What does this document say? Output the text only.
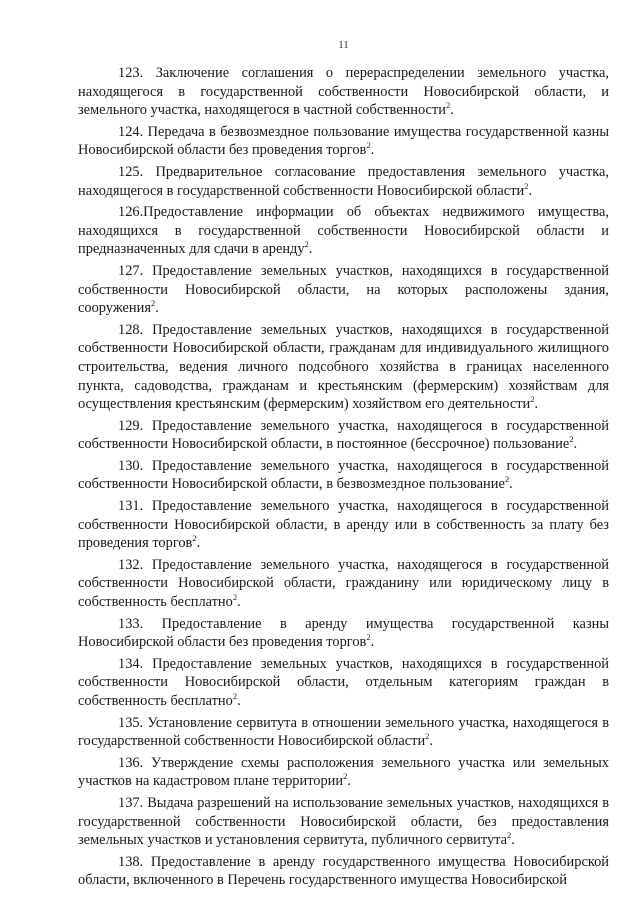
11

123. Заключение соглашения о перераспределении земельного участка, находящегося в государственной собственности Новосибирской области, и земельного участка, находящегося в частной собственности$^2$.

124. Передача в безвозмездное пользование имущества государственной казны Новосибирской области без проведения торгов$^2$.

125. Предварительное согласование предоставления земельного участка, находящегося в государственной собственности Новосибирской области$^2$.

126.Предоставление информации об объектах недвижимого имущества, находящихся в государственной собственности Новосибирской области и предназначенных для сдачи в аренду$^2$.

127. Предоставление земельных участков, находящихся в государственной собственности Новосибирской области, на которых расположены здания, сооружения$^2$.

128. Предоставление земельных участков, находящихся в государственной собственности Новосибирской области, гражданам для индивидуального жилищного строительства, ведения личного подсобного хозяйства в границах населенного пункта, садоводства, гражданам и крестьянским (фермерским) хозяйствам для осуществления крестьянским (фермерским) хозяйством его деятельности$^2$.

129. Предоставление земельного участка, находящегося в государственной собственности Новосибирской области, в постоянное (бессрочное) пользование$^2$.

130. Предоставление земельного участка, находящегося в государственной собственности Новосибирской области, в безвозмездное пользование$^2$.

131. Предоставление земельного участка, находящегося в государственной собственности Новосибирской области, в аренду или в собственность за плату без проведения торгов$^2$.

132. Предоставление земельного участка, находящегося в государственной собственности Новосибирской области, гражданину или юридическому лицу в собственность бесплатно$^2$.

133. Предоставление в аренду имущества государственной казны Новосибирской области без проведения торгов$^2$.

134. Предоставление земельных участков, находящихся в государственной собственности Новосибирской области, отдельным категориям граждан в собственность бесплатно$^2$.

135. Установление сервитута в отношении земельного участка, находящегося в государственной собственности Новосибирской области$^2$.

136. Утверждение схемы расположения земельного участка или земельных участков на кадастровом плане территории$^2$.

137. Выдача разрешений на использование земельных участков, находящихся в государственной собственности Новосибирской области, без предоставления земельных участков и установления сервитута, публичного сервитута$^2$.

138. Предоставление в аренду государственного имущества Новосибирской области, включенного в Перечень государственного имущества Новосибирской
